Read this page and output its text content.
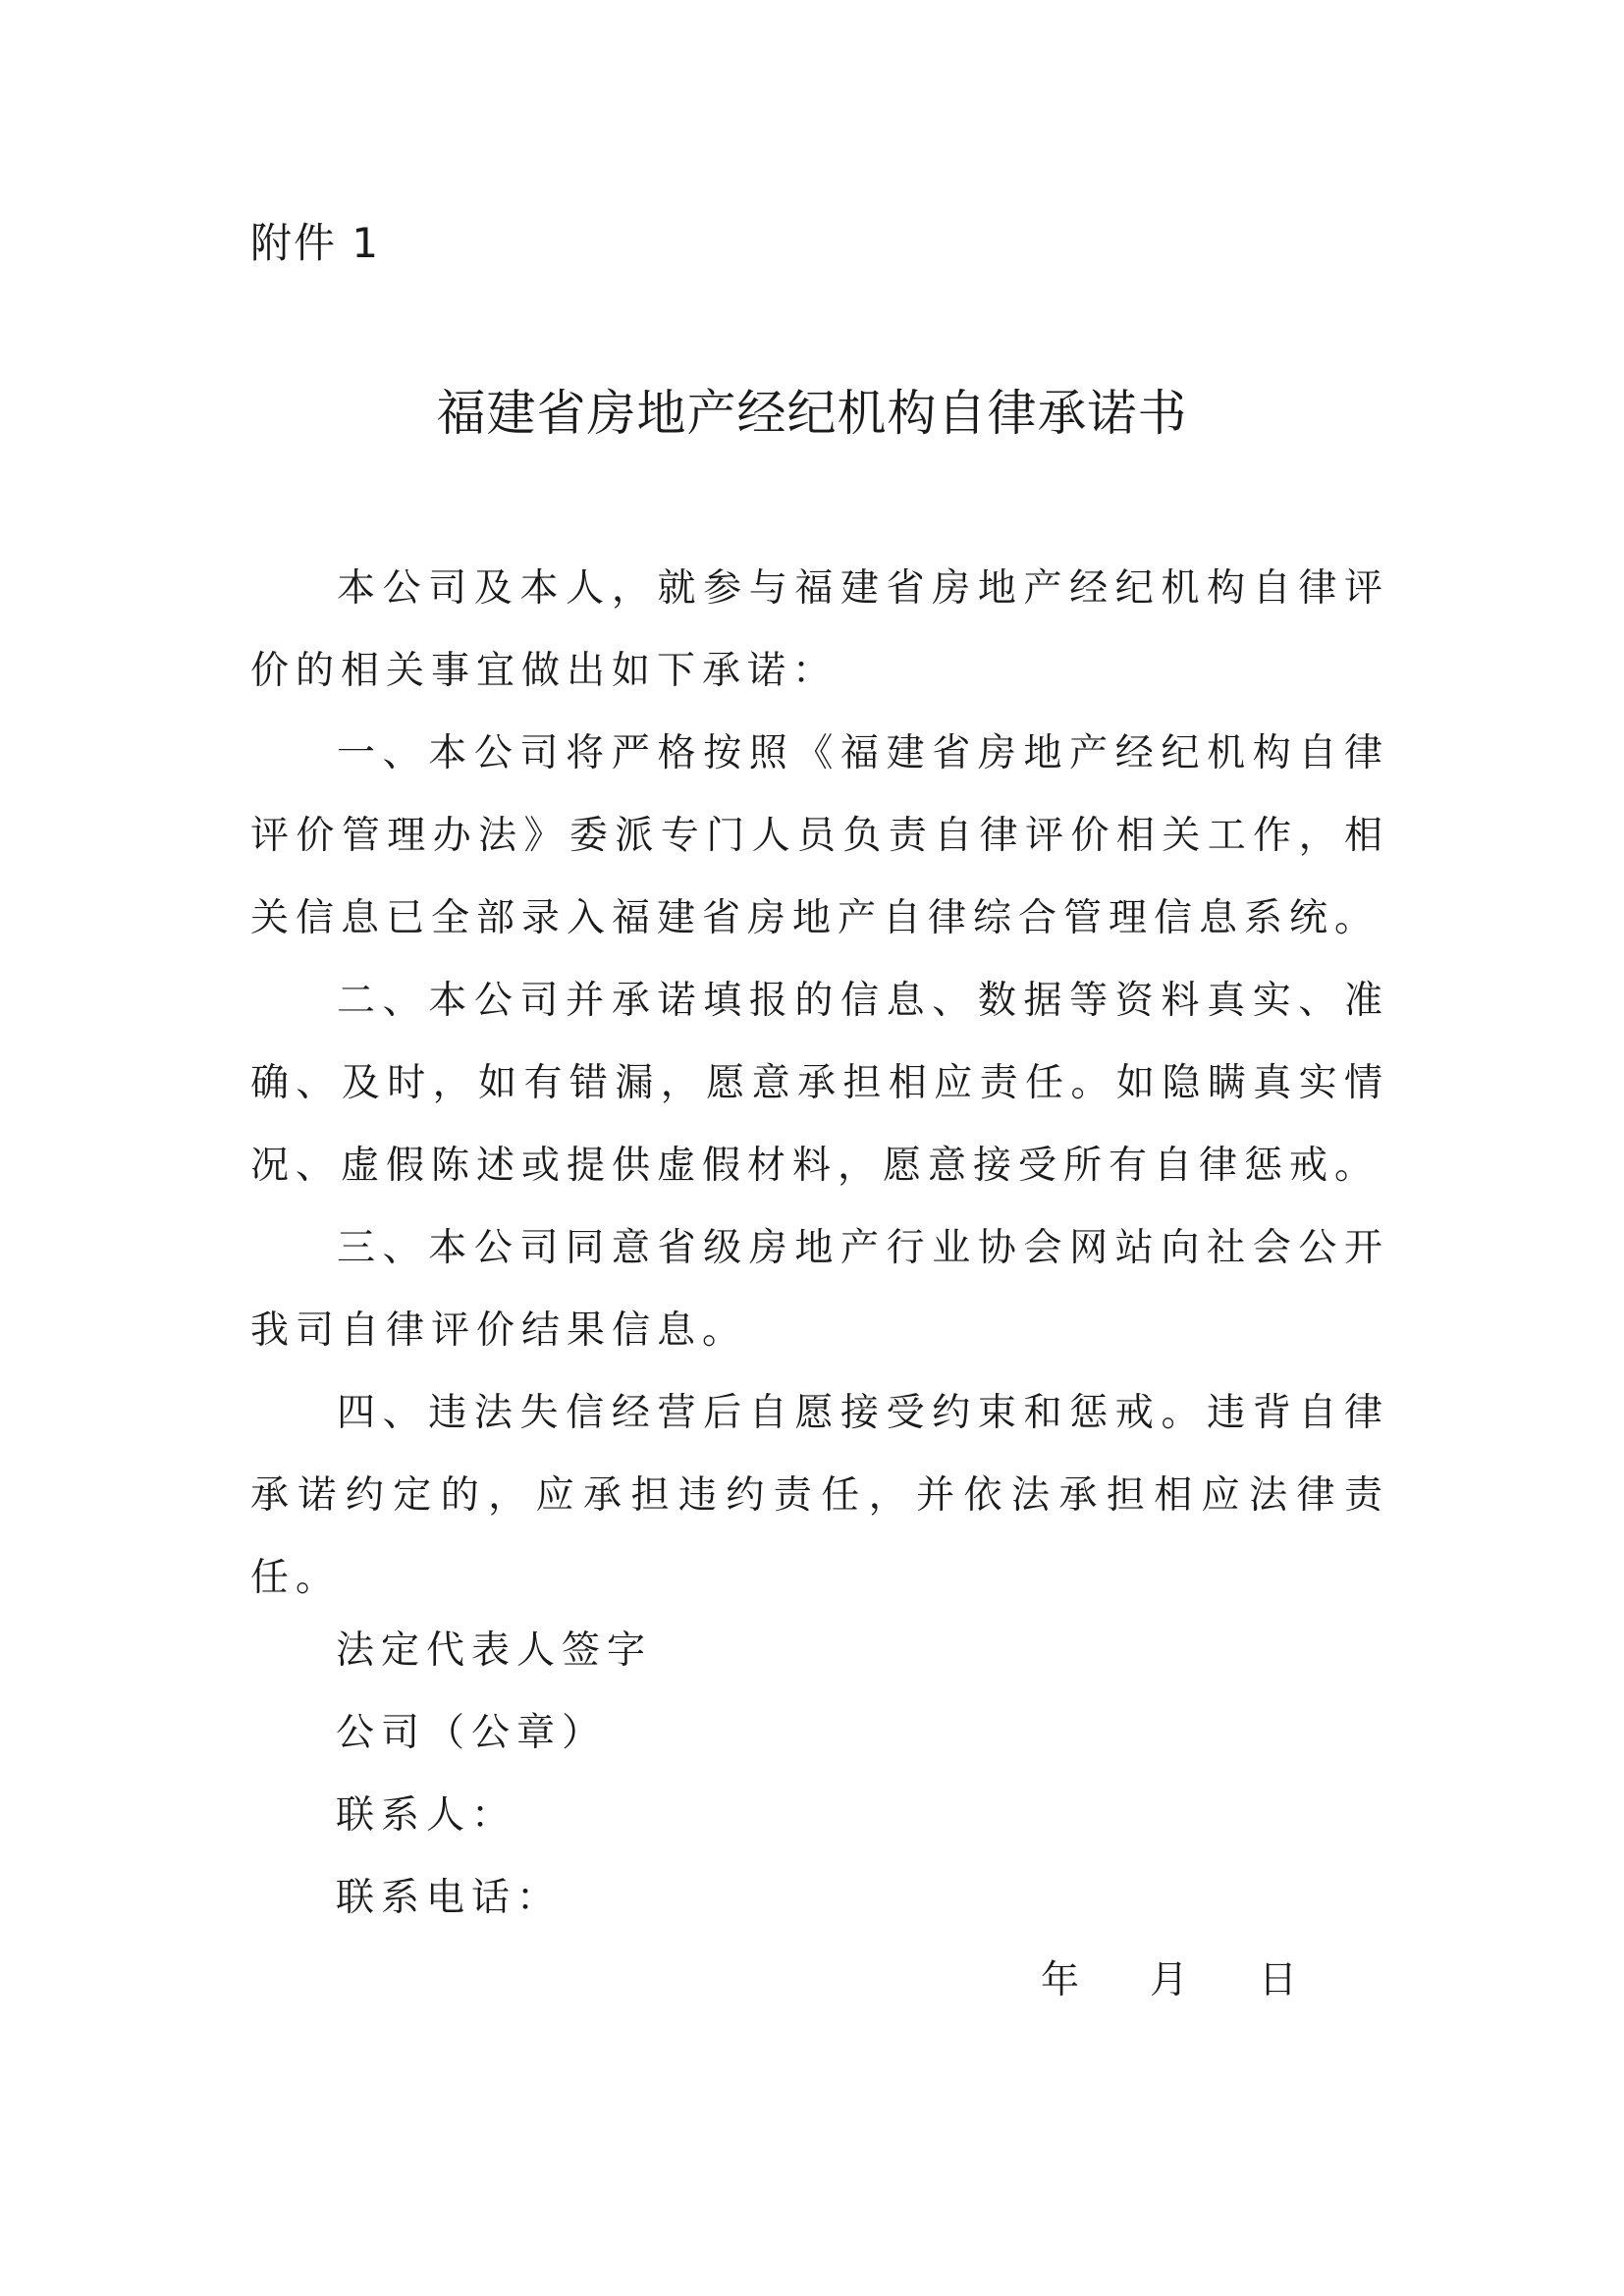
附件 1
福建省房地产经纪机构自律承诺书

本公司及本人，就参与福建省房地产经纪机构自律评价的相关事宜做出如下承诺：

一、本公司将严格按照《福建省房地产经纪机构自律评价管理办法》委派专门人员负责自律评价相关工作，相关信息已全部录入福建省房地产自律综合管理信息系统。

二、本公司并承诺填报的信息、数据等资料真实、准确、及时，如有错漏，愿意承担相应责任。如隐瞒真实情况、虚假陈述或提供虚假材料，愿意接受所有自律惩戒。

三、本公司同意省级房地产行业协会网站向社会公开我司自律评价结果信息。

四、违法失信经营后自愿接受约束和惩戒。违背自律承诺约定的，应承担违约责任，并依法承担相应法律责任。

法定代表人签字
公司（公章）
联系人：
联系电话：
年 月 日
